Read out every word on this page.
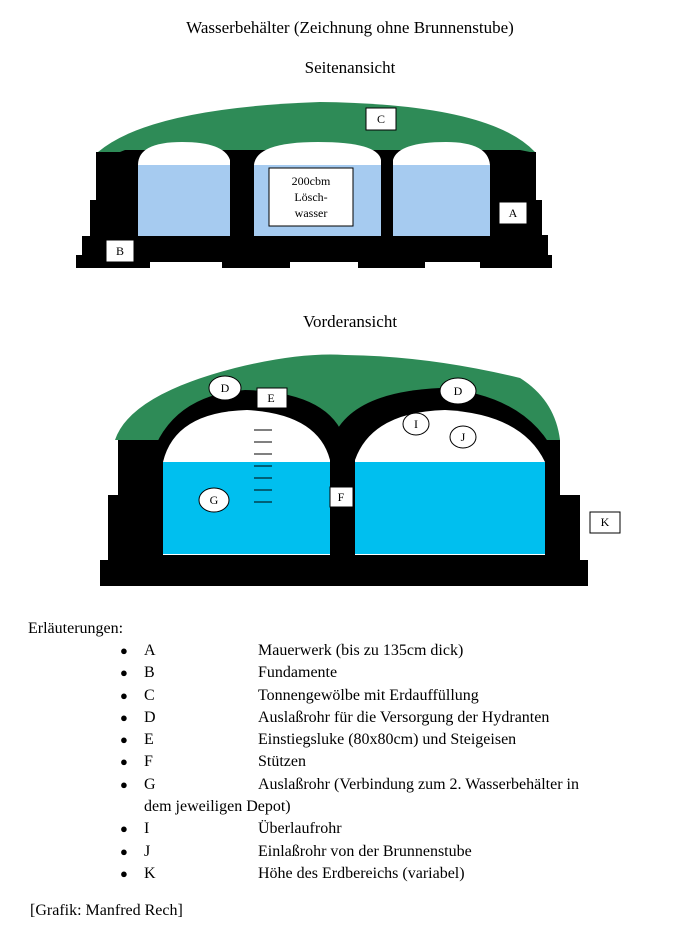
Wasserbehälter (Zeichnung ohne Brunnenstube)
Seitenansicht
Vorderansicht
200cbm
Lösch-
wasser
C
A
B
D
E	D
I
J
G	F
K
Erläuterungen:
● A	Mauerwerk (bis zu 135cm dick)
● B	Fundamente
● C	Tonnengewölbe mit Erdauffüllung
● D	Auslaßrohr für die Versorgung der Hydranten
● E	Einstiegsluke (80x80cm) und Steigeisen
● F	Stützen
● G	Auslaßrohr (Verbindung zum 2. Wasserbehälter in
dem jeweiligen Depot)
● I	Überlaufrohr
● J	Einlaßrohr von der Brunnenstube
● K	Höhe des Erdbereichs (variabel)
[Grafik: Manfred Rech]
